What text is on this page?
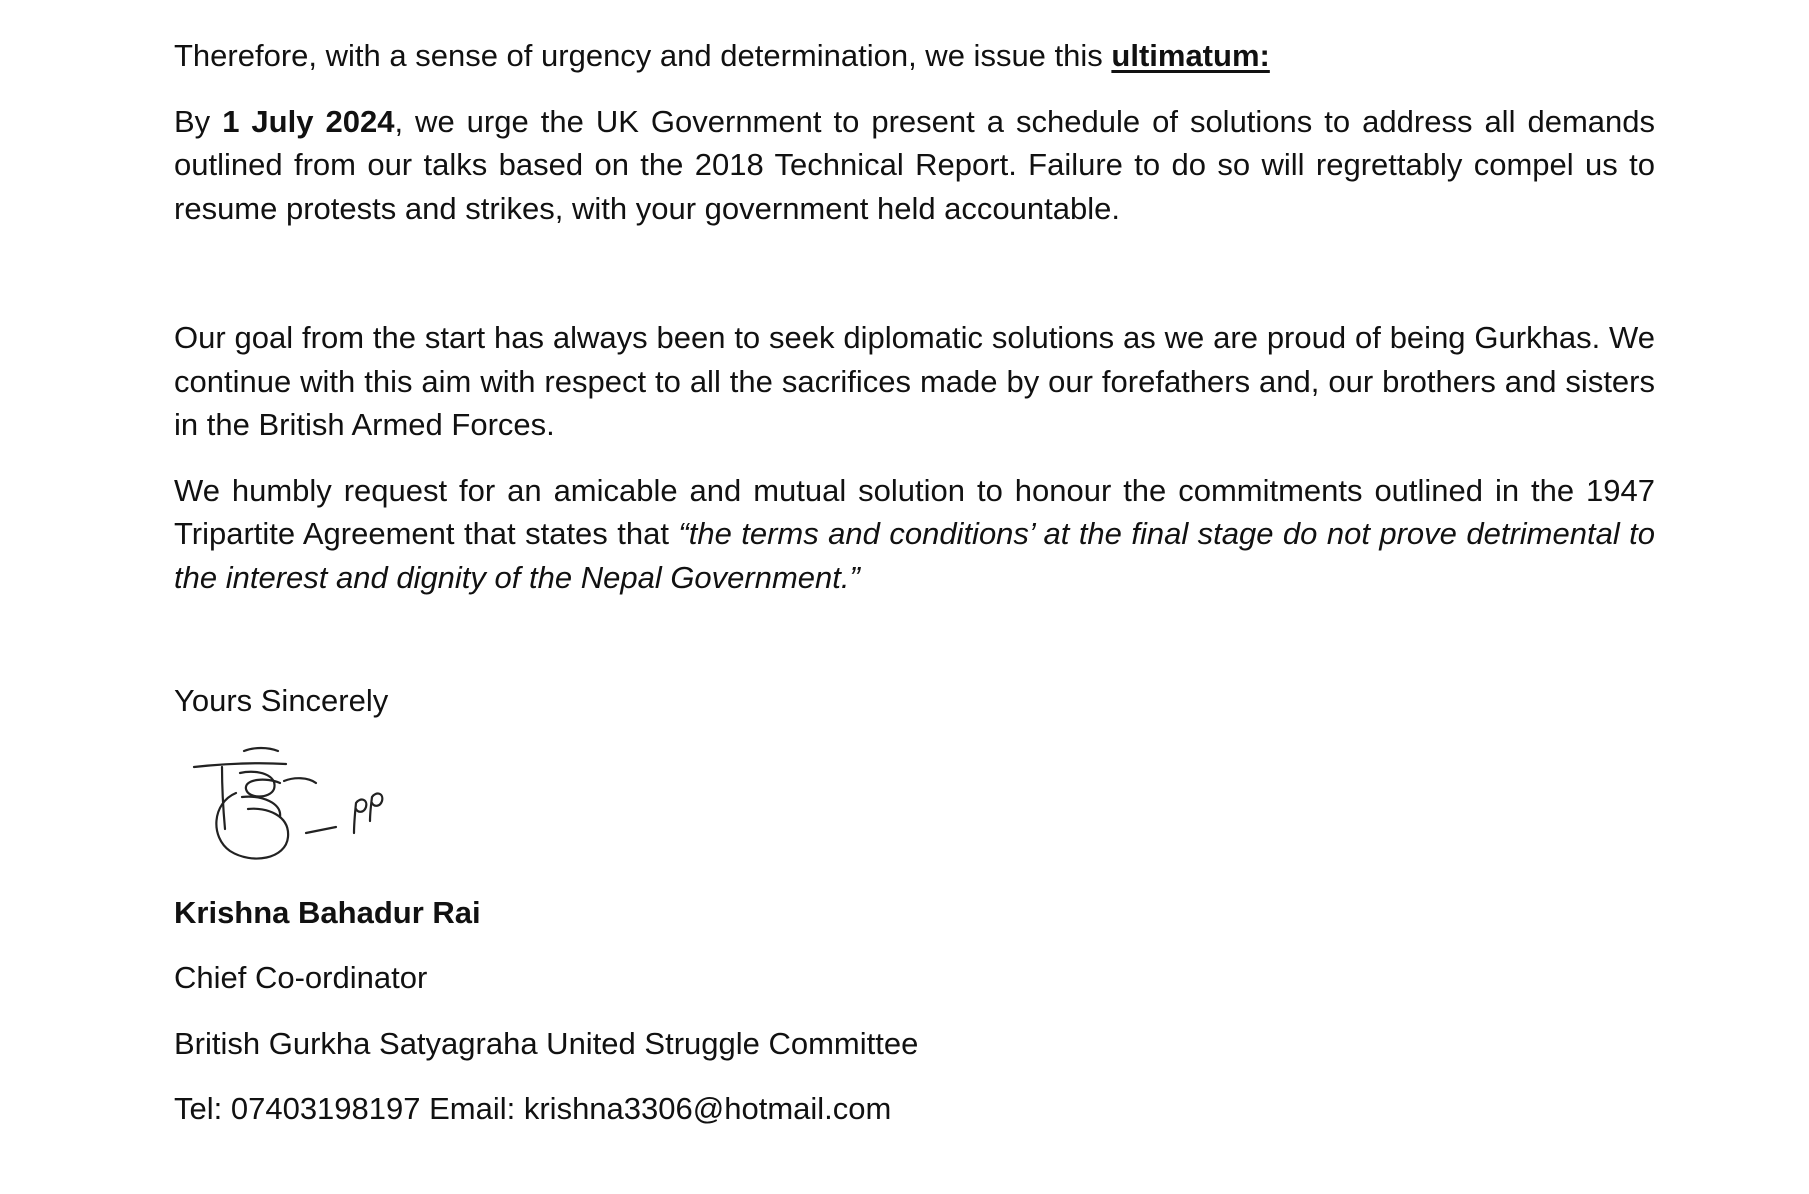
Therefore, with a sense of urgency and determination, we issue this ultimatum:

By 1 July 2024, we urge the UK Government to present a schedule of solutions to address all demands outlined from our talks based on the 2018 Technical Report. Failure to do so will regrettably compel us to resume protests and strikes, with your government held accountable.

Our goal from the start has always been to seek diplomatic solutions as we are proud of being Gurkhas. We continue with this aim with respect to all the sacrifices made by our forefathers and, our brothers and sisters in the British Armed Forces.

We humbly request for an amicable and mutual solution to honour the commitments outlined in the 1947 Tripartite Agreement that states that “the terms and conditions’ at the final stage do not prove detrimental to the interest and dignity of the Nepal Government.”

Yours Sincerely

Krishna Bahadur Rai

Chief Co-ordinator

British Gurkha Satyagraha United Struggle Committee

Tel: 07403198197 Email: krishna3306@hotmail.com
